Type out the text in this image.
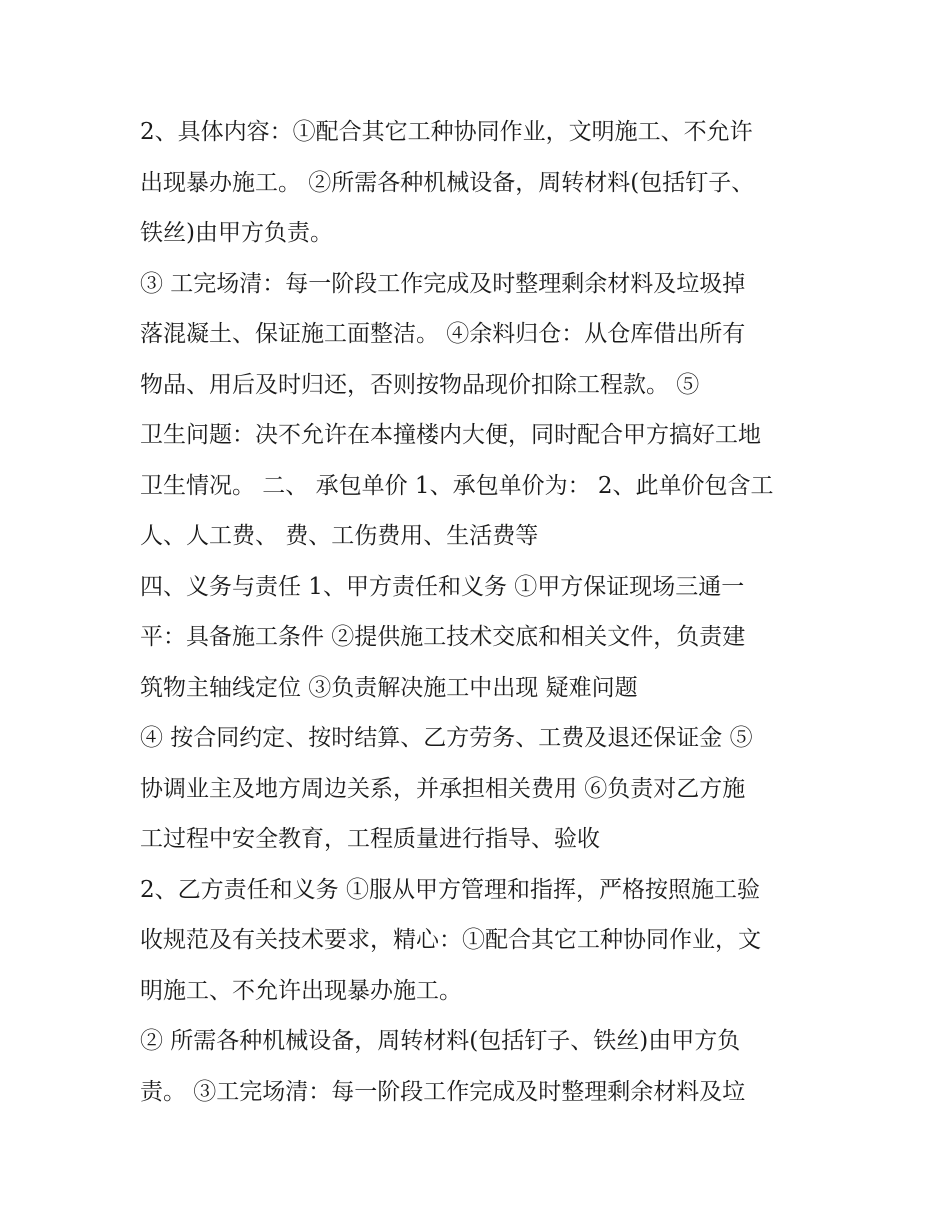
2、具体内容：①配合其它工种协同作业，文明施工、不允许
出现暴办施工。 ②所需各种机械设备，周转材料(包括钉子、
铁丝)由甲方负责。
③ 工完场清：每一阶段工作完成及时整理剩余材料及垃圾掉
落混凝土、保证施工面整洁。 ④余料归仓：从仓库借出所有
物品、用后及时归还，否则按物品现价扣除工程款。 ⑤
卫生问题：决不允许在本撞楼内大便，同时配合甲方搞好工地
卫生情况。 二、 承包单价 1、承包单价为： 2、此单价包含工
人、人工费、 费、工伤费用、生活费等
四、义务与责任 1、甲方责任和义务 ①甲方保证现场三通一
平：具备施工条件 ②提供施工技术交底和相关文件，负责建
筑物主轴线定位 ③负责解决施工中出现 疑难问题
④ 按合同约定、按时结算、乙方劳务、工费及退还保证金 ⑤
协调业主及地方周边关系，并承担相关费用 ⑥负责对乙方施
工过程中安全教育，工程质量进行指导、验收
2、乙方责任和义务 ①服从甲方管理和指挥，严格按照施工验
收规范及有关技术要求，精心：①配合其它工种协同作业，文
明施工、不允许出现暴办施工。
② 所需各种机械设备，周转材料(包括钉子、铁丝)由甲方负
责。 ③工完场清：每一阶段工作完成及时整理剩余材料及垃
